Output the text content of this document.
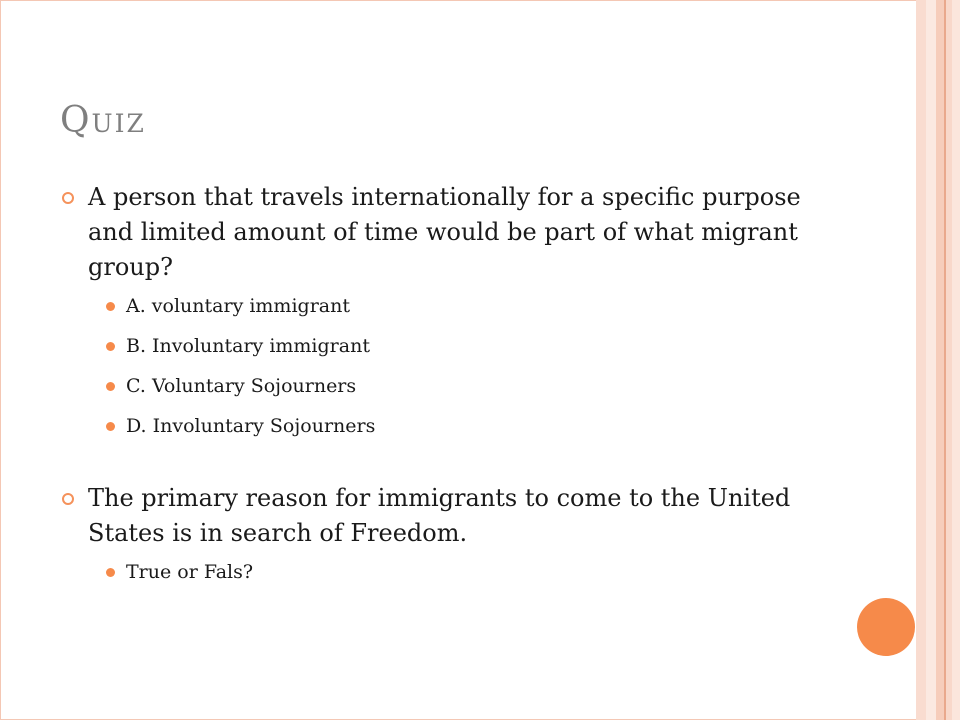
Quiz
A person that travels internationally for a specific purpose and limited amount of time would be part of what migrant group?
A. voluntary immigrant
B. Involuntary immigrant
C. Voluntary Sojourners
D. Involuntary Sojourners
The primary reason for immigrants to come to the United States is in search of Freedom.
True or Fals?
